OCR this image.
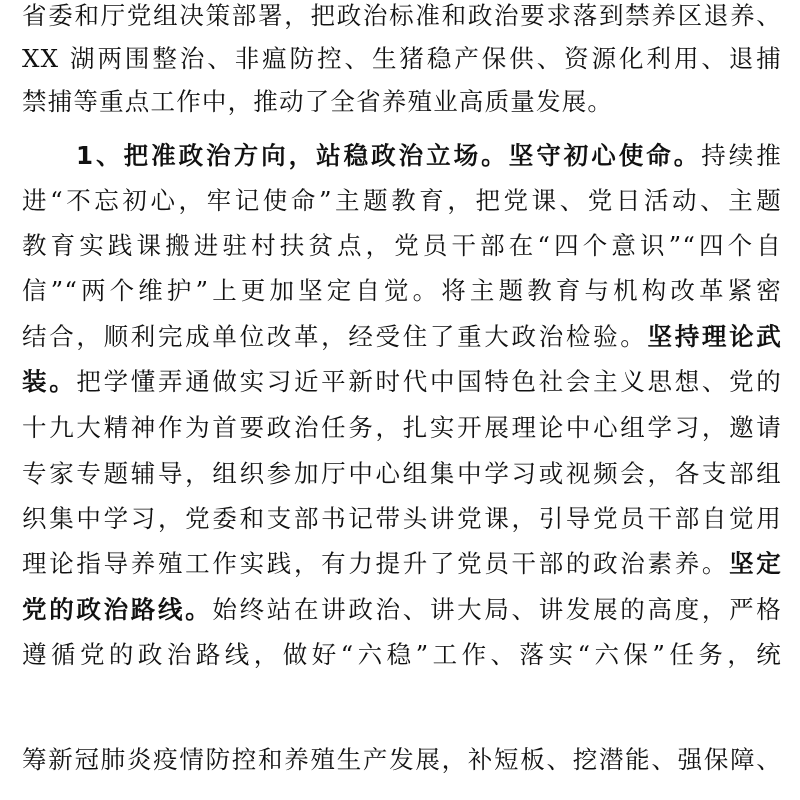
省委和厅党组决策部署，把政治标准和政治要求落到禁养区退养、
XX 湖两围整治、非瘟防控、生猪稳产保供、资源化利用、退捕
禁捕等重点工作中，推动了全省养殖业高质量发展。
1、把准政治方向，站稳政治立场。坚守初心使命。持续推
进“不忘初心，牢记使命”主题教育，把党课、党日活动、主题
教育实践课搬进驻村扶贫点，党员干部在“四个意识”“四个自
信”“两个维护”上更加坚定自觉。将主题教育与机构改革紧密
结合，顺利完成单位改革，经受住了重大政治检验。坚持理论武
装。把学懂弄通做实习近平新时代中国特色社会主义思想、党的
十九大精神作为首要政治任务，扎实开展理论中心组学习，邀请
专家专题辅导，组织参加厅中心组集中学习或视频会，各支部组
织集中学习，党委和支部书记带头讲党课，引导党员干部自觉用
理论指导养殖工作实践，有力提升了党员干部的政治素养。坚定
党的政治路线。始终站在讲政治、讲大局、讲发展的高度，严格
遵循党的政治路线，做好“六稳”工作、落实“六保”任务，统
筹新冠肺炎疫情防控和养殖生产发展，补短板、挖潜能、强保障、
